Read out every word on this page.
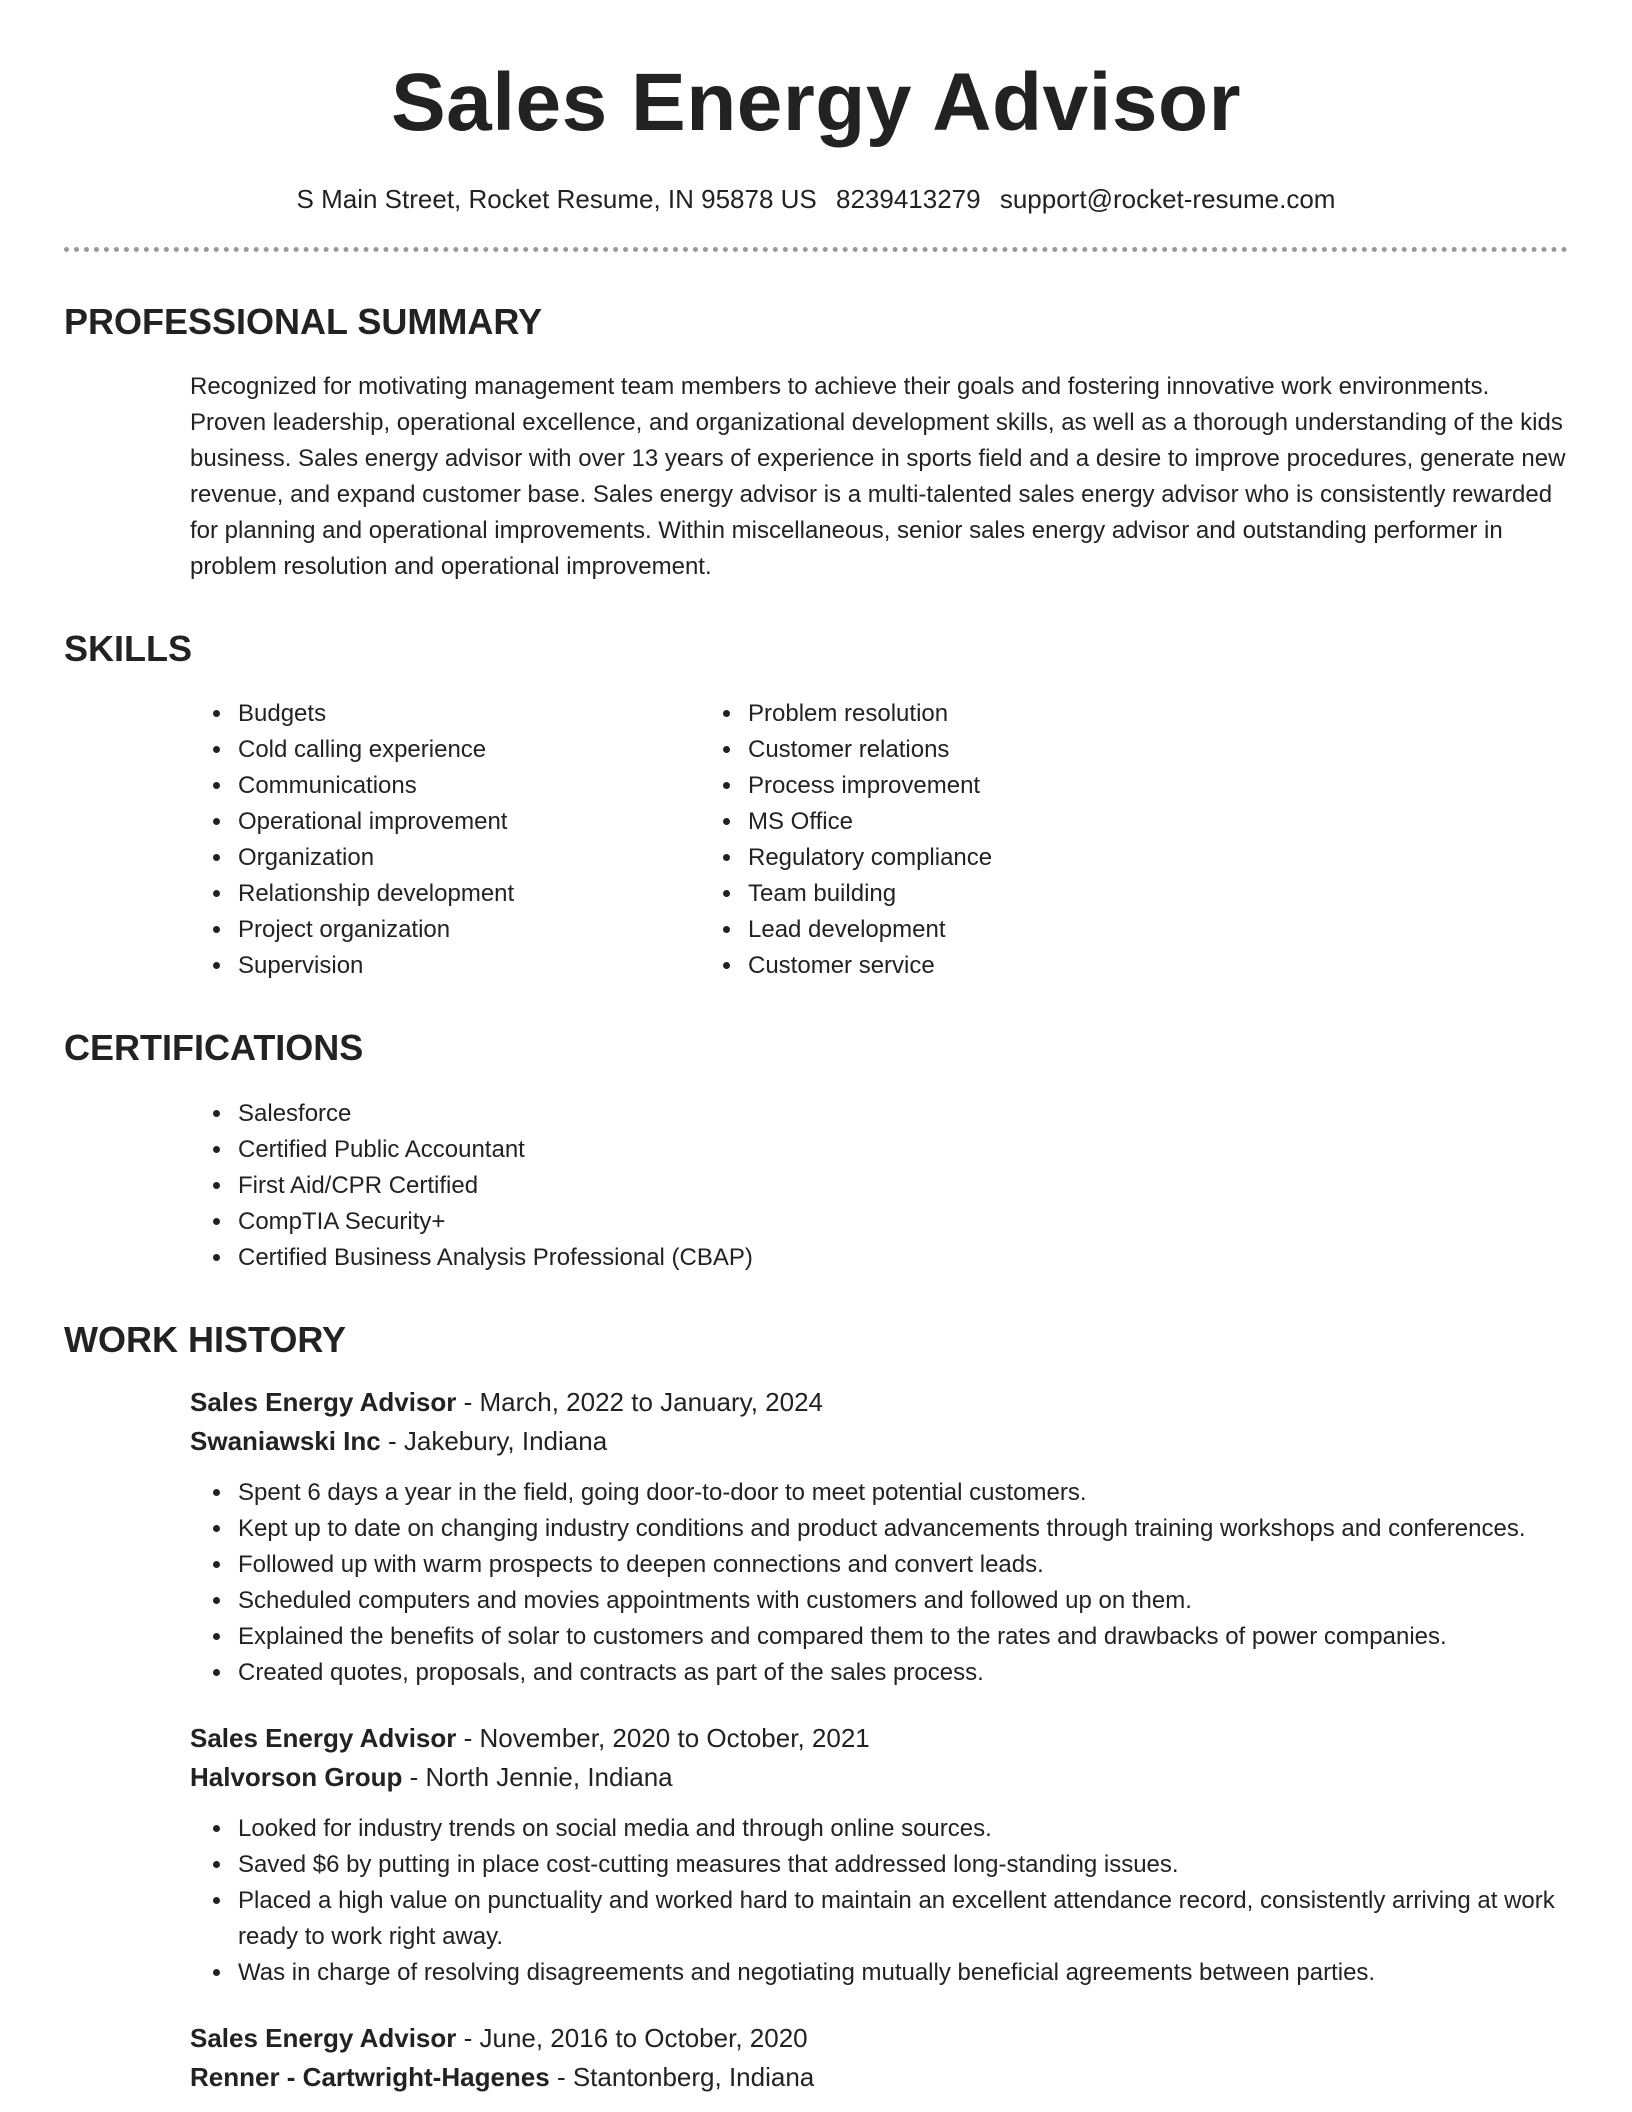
Sales Energy Advisor
S Main Street, Rocket Resume, IN 95878 US 8239413279 support@rocket-resume.com
PROFESSIONAL SUMMARY

Recognized for motivating management team members to achieve their goals and fostering innovative work environments. Proven leadership, operational excellence, and organizational development skills, as well as a thorough understanding of the kids business. Sales energy advisor with over 13 years of experience in sports field and a desire to improve procedures, generate new revenue, and expand customer base. Sales energy advisor is a multi-talented sales energy advisor who is consistently rewarded for planning and operational improvements. Within miscellaneous, senior sales energy advisor and outstanding performer in problem resolution and operational improvement.

SKILLS
• Budgets
• Cold calling experience
• Communications
• Operational improvement
• Organization
• Relationship development
• Project organization
• Supervision
• Problem resolution
• Customer relations
• Process improvement
• MS Office
• Regulatory compliance
• Team building
• Lead development
• Customer service
CERTIFICATIONS
• Salesforce
• Certified Public Accountant
• First Aid/CPR Certified
• CompTIA Security+
• Certified Business Analysis Professional (CBAP)
WORK HISTORY
Sales Energy Advisor - March, 2022 to January, 2024
Swaniawski Inc - Jakebury, Indiana
• Spent 6 days a year in the field, going door-to-door to meet potential customers.
• Kept up to date on changing industry conditions and product advancements through training workshops and conferences.
• Followed up with warm prospects to deepen connections and convert leads.
• Scheduled computers and movies appointments with customers and followed up on them.
• Explained the benefits of solar to customers and compared them to the rates and drawbacks of power companies.
• Created quotes, proposals, and contracts as part of the sales process.
Sales Energy Advisor - November, 2020 to October, 2021
Halvorson Group - North Jennie, Indiana
• Looked for industry trends on social media and through online sources.
• Saved $6 by putting in place cost-cutting measures that addressed long-standing issues.
• Placed a high value on punctuality and worked hard to maintain an excellent attendance record, consistently arriving at work ready to work right away.
• Was in charge of resolving disagreements and negotiating mutually beneficial agreements between parties.
Sales Energy Advisor - June, 2016 to October, 2020
Renner - Cartwright-Hagenes - Stantonberg, Indiana
